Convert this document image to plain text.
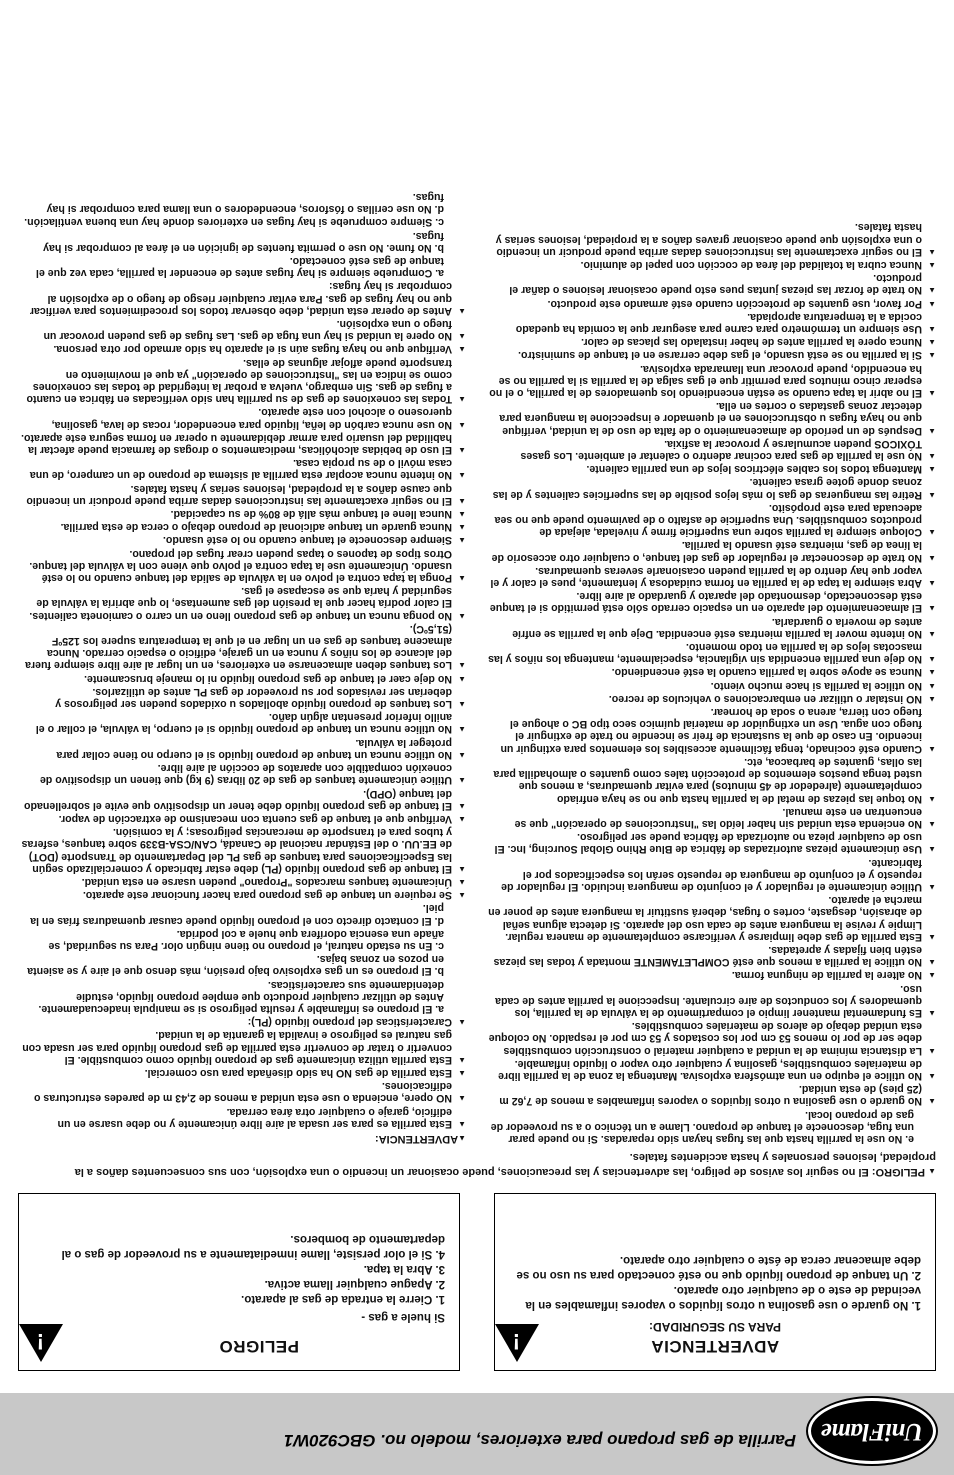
UniFlame
Parrilla de gas propano para exteriores, modelo no. GBC920W1
!	ADVERTENCIA
PARA SU SEGURIDAD:

1. No guarde o use gasolina u otros líquidos o vapores inflamables en la vecindad de este o de cualquier otro aparato.

2. Un tanque de propano líquido que no esté conectado para su uso no se debe almacenar cerca de éste o cualquier otro aparato.

!	PELIGRO

Si huele a gas -

1. Cierre la entrada de gas al aparato.

2. Apague cualquier llama activa.

3. Abra la tapa.

4. Si el olor persiste, llame inmediatamente a su proveedor de gas o al departamento de bomberos.

▲ PELIGRO: El no seguir los avisos de peligro, las advertencias y las precauciones, puede ocasionar un incendio o una explosión, con sus consecuentes daños a la propiedad, lesiones personales y hasta accidentes fatales.
e. No use la parrilla hasta que las fugas hayan sido reparadas. Si no puede parar una fuga, desconecte el tanque de propano. Llame a un técnico o a su proveedor de gas de propano local.
▲ No guarde o use gasolina u otros líquidos o vapores inflamables a menos de 7,62 m (25 pies) de esta unidad.
▲ No utilice el equipo en una atmósfera explosiva. Mantenga la zona de la parrilla libre de materiales combustibles, gasolina y cualquier otro vapor o líquido inflamable.
▲ La distancia mínima de la unidad a cualquier material o construcción combustibles debe ser de por lo menos 53 cm por los costados y 53 cm por el respaldo. No coloque esta unidad debajo de aleros de materiales combustibles.
▲ Es fundamental mantener limpio el compartimento de la válvula de la parrilla, los quemadores y los conductos de aire circulante. Inspeccione la parrilla antes de cada uso.
▲ No altere la parrilla de ninguna forma.
▲ No utilice la parrilla a menos que esté COMPLETAMENTE montada y todas las piezas estén bien fijadas y apretadas.
▲ Esta parrilla de gas debe limpiarse y verificarse completamente de manera regular. Limpie y revise la manguera antes de cada uso del aparato. Si detecta alguna señal de abrasión, desgaste, cortes o fugas, deberá sustituir la manguera antes de poner en marcha el aparato.
▲ Utilice únicamente el regulador y el conjunto de manguera incluido. El regulador de repuesto y el conjunto de manguera de repuesto serán los especificados por el fabricante.
▲ Use únicamente piezas autorizadas de fábrica de Blue Rhino Global Sourcing, Inc. El uso de cualquier pieza no autorizada de fábrica puede ser peligroso.
▲ No encienda esta unidad sin haber leído las "Instrucciones de operación" que se encuentran en este manual.
▲ No toque las piezas de metal de la parrilla hasta que no se haya enfriado completamente (alrededor de 45 minutos) para evitar quemaduras, a menos que usted tenga puestos elementos de protección tales como guantes o almohadilla para las ollas, guantes de barbacoa, etc.
▲ Cuando esté cocinado, tenga fácilmente accesibles los elementos para extinguir un incendio. En caso de que la sustancia de freír se incendie no trate de extinguir el fuego con agua. Use un extinguidor de material químico seco tipo BC o ahogue el fuego con tierra, arena o soda de hornear.
▲ NO instalar o utilizar en embarcaciones o vehículos de recreo.
▲ No utilice la parrilla si hace mucho viento.
▲ Nunca se apoye sobre la parrilla cuando la esté encendiendo.
▲ No deje una parrilla encendida sin vigilancia, especialmente, mantenga los niños y las mascotas lejos de la parrilla en todo momento.
▲ No intente mover la parrilla mientras esté encendida. Deje que la parrilla se enfríe antes de moverla o guardarla.
▲ El almacenamiento del aparato en un espacio cerrado sólo está permitido si el tanque está desconectado, desmontado del aparato y guardado al aire libre.
▲ Abra siempre la tapa de la parrilla en forma cuidadosa y lentamente, pues el calor y el vapor que hay dentro de la parrilla pueden ocasionarle severas quemaduras.
▲ No trate de desconectar el regulador de gas del tanque, o cualquier otro accesorio de la línea de gas, mientras esté usando la parrilla.
▲ Coloque siempre la parrilla sobre una superficie firme y nivelada, alejada de productos combustibles. Una superficie de asfalto o de pavimento puede que no sea adecuada para este propósito.
▲ Retire las mangueras de gas lo más lejos posible de las superficies calientes y de las zonas donde gotee grasa caliente.
▲ Mantenga todos los cables eléctricos lejos de una parrilla caliente.
▲ No use la parrilla de gas para cocinar adentro o calentar el ambiente. Los gases TÓXICOS pueden acumularse y provocar la asfixia.
▲ Después de un período de almacenamiento o de falta de uso de la unidad, verifique que no haya fugas u obstrucciones en el quemador e inspeccione la manguera para detectar zonas gastadas o cortes en ella.
▲ El no abrir la tapa cuando se están encendiendo los quemadores de la parrilla, o el no esperar cinco minutos para permitir que el gas salga de la parrilla si la parrilla no se ha encendido, puede provocar una llamarada explosiva.
▲ Si la parrilla no se está usando, el gas debe cerrarse en el tanque de suministro.
▲ Nunca opere la parrilla antes de haber instalado las placas de calor.
▲ Use siempre un termómetro para carne para asegurar que la comida ha quedado cocida a la temperatura apropiada.
▲ Por favor, use guantes de protección cuando esté armando este producto.
▲ No trate de forzar las piezas juntas pues esto puede ocasionar lesiones o dañar el producto.
▲ Nunca cubra la totalidad del área de cocción con papel de aluminio.
▲ El no seguir exactamente las instrucciones dadas arriba puede producir un incendio o una explosión que puede ocasionar graves daños a la propiedad, lesiones serias y hasta fatales.
▲ ADVERTENCIA:
▲ Esta parrilla es para ser usada al aire libre únicamente y no debe usarse en un edificio, garaje o cualquier otra área cerrada.
▲ NO opere, encienda o use esta unidad a menos de 2,43 m de paredes estructuras o edificaciones.
▲ Esta parrilla de gas NO ha sido diseñada para uso comercial.
▲ Esta parrilla utiliza únicamente gas de propano líquido como combustible. El convertir o tratar de convertir esta parrilla de gas propano líquido para ser usada con gas natural es peligroso e invalida la garantía de la unidad.
▲ Características del propano líquido (PL):
a. El propano es inflamable y resulta peligroso si se manipula inadecuadamente. Antes de utilizar cualquier producto que emplee propano líquido, estudie detenidamente sus características.
b. El propano es un gas explosivo bajo presión, más denso que el aire y se asienta en pozos en zonas bajas.
c. En su estado natural, el propano no tiene ningún olor. Para su seguridad, se añade una esencia odorífera que huele a col podrida.
d. El contacto directo con el propano líquido puede causar quemaduras frías en la piel.
▲ Se requiere un tanque de gas propano para hacer funcionar este aparato.
▲ Únicamente tanques marcados "Propano" pueden usarse en esta unidad.
▲ El tanque de gas propano líquido (PL) debe estar fabricado y comercializado según las Especificaciones para tanques de gas PL del Departamento de Transporte (DOT) de EE.UU. o del Estándar nacional de Canadá, CAN/CSA-B339 sobre tanques, esferas y tubos para el transporte de mercancías peligrosas; y la comisión.
▲ Verifique que el tanque de gas cuenta con mecanismo de extracción de vapor.
▲ El tanque de gas propano líquido debe tener un dispositivo que evite el sobrellenado del tanque (OPD).
▲ Utilice únicamente tanques de gas de 20 libras (9 kg) que tienen un dispositivo de conexión compatible con aparatos de cocción al aire libre.
▲ No utilice nunca un tanque de propano líquido si el cuerpo no tiene collar para proteger la válvula.
▲ No utilice nunca un tanque de propano líquido si el cuerpo, la válvula, el collar o el anillo inferior presentan algún daño.
▲ Los tanques de propano líquido abollados u oxidados pueden ser peligrosos y deberían ser revisados por su proveedor de gas PL antes de utilizarlos.
▲ No deje caer el tanque de gas propano líquido ni lo maneje bruscamente.
▲ Los tanques deben almacenarse en exteriores, en un lugar al aire libre siempre fuera del alcance de los niños y nunca en un garaje, edificio o espacio cerrado. Nunca almacene tanques de gas en un lugar en el que la temperatura supere los 125ºF (51,5ºC).
▲ No ponga nunca un tanque de gas propano lleno en un carro o camioneta calientes. El calor podría hacer que la presión del gas aumentase, lo que abriría la válvula de seguridad y haría que se escapase el gas.
▲ Ponga la tapa contra el polvo en la válvula de salida del tanque cuando no lo esté usando. Únicamente use la tapa contra el polvo que viene con la válvula del tanque. Otros tipos de tapones o tapas pueden crear fugas del propano.
▲ Siempre desconecte el tanque cuando no lo esté usando.
▲ Nunca guarde un tanque adicional de propano debajo o cerca de esta parrilla.
▲ Nunca llene el tanque más allá de 80% de su capacidad.
▲ El no seguir exactamente las instrucciones dadas arriba puede producir un incendio que cause daños a la propiedad, lesiones serias y hasta fatales.
▲ No intente nunca acoplar esta parrilla al sistema de propano de un campero, de una casa móvil o de su propia casa.
▲ El uso de bebidas alcohólicas, medicamentos o drogas de farmacia puede afectar la habilidad del usuario para armar debidamente u operar en forma segura este aparato.
▲ No use nunca carbón de leña, líquido para encendedor, rocas de lava, gasolina, queroseno o alcohol con este aparato.
▲ Todas las conexiones de gas de su parrilla han sido verificadas en fábrica en cuanto a fugas de gas. Sin embargo, vuelva a probar la integridad de todas las conexiones como se indica en las "Instrucciones de operación" ya que el movimiento en transporte puede aflojar algunas de ellas.
▲ Verifique que no haya fugas aún si el aparato ha sido armado por otra persona.
▲ No opere la unidad si hay una fuga de gas. Las fugas de gas pueden provocar un fuego o una explosión.
▲ Antes de operar esta unidad, debe observar todos los procedimientos para verificar que no hay fugas de gas. Para evitar cualquier riesgo de fuego o de explosión al comprobar si hay fugas:
a. Compruebe siempre si hay fugas antes de encender la parrilla, cada vez que el tanque de gas esté conectado.
b. No fume. No use o permita fuentes de ignición en el área al comprobar si hay fugas.
c. Siempre compruebe si hay fugas en exteriores donde hay una buena ventilación.
d. No use cerillas o fósforos, encendedores o una llama para comprobar si hay fugas.
